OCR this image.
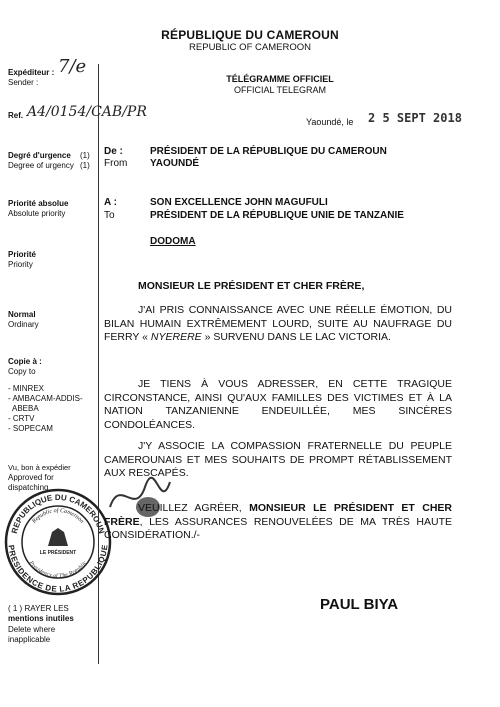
RÉPUBLIQUE DU CAMEROUN
REPUBLIC OF CAMEROON
Expéditeur :
Sender :
7/e
Ref. A4/0154/CAB/PR
Degré d'urgence (1)
Degree of urgency (1)
Priorité absolue
Absolute priority
Priorité
Priority
Normal
Ordinary
Copie à :
Copy to
- MINREX
- AMBACAM-ADDIS-
ABEBA
- CRTV
- SOPECAM
Vu, bon à expédier
Approved for
dispatching
( 1 ) RAYER LES
mentions inutiles
Delete where
inapplicable
REPUBLIQUE DU CAMEROUN
PRESIDENCE DE LA REPUBLIQUE
Republic of Cameroon
Presidency of The Republic
LE PRÉSIDENT
TÉLÉGRAMME OFFICIEL
OFFICIAL TELEGRAM
Yaoundé, le 2 5 SEPT 2018
De :
From
PRÉSIDENT DE LA RÉPUBLIQUE DU CAMEROUN
YAOUNDÉ
A :
To
SON EXCELLENCE JOHN MAGUFULI
PRÉSIDENT DE LA RÉPUBLIQUE UNIE DE TANZANIE
DODOMA
MONSIEUR LE PRÉSIDENT ET CHER FRÈRE,
J'AI PRIS CONNAISSANCE AVEC UNE RÉELLE ÉMOTION, DU BILAN HUMAIN EXTRÊMEMENT LOURD, SUITE AU NAUFRAGE DU FERRY « NYERERE » SURVENU DANS LE LAC VICTORIA.
JE TIENS À VOUS ADRESSER, EN CETTE TRAGIQUE CIRCONSTANCE, AINSI QU'AUX FAMILLES DES VICTIMES ET À LA NATION TANZANIENNE ENDEUILLÉE, MES SINCÈRES CONDOLÉANCES.
J'Y ASSOCIE LA COMPASSION FRATERNELLE DU PEUPLE CAMEROUNAIS ET MES SOUHAITS DE PROMPT RÉTABLISSEMENT AUX RESCAPÉS.
VEUILLEZ AGRÉER, MONSIEUR LE PRÉSIDENT ET CHER FRÈRE, LES ASSURANCES RENOUVELÉES DE MA TRÈS HAUTE CONSIDÉRATION./-
PAUL BIYA
